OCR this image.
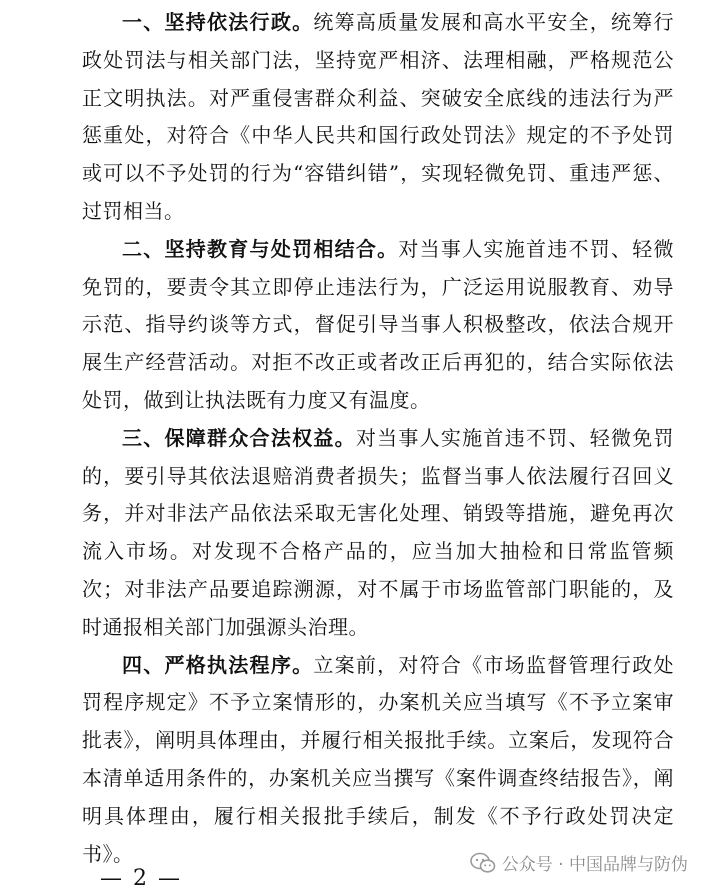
一、坚持依法行政。统筹高质量发展和高水平安全，统筹行政处罚法与相关部门法，坚持宽严相济、法理相融，严格规范公正文明执法。对严重侵害群众利益、突破安全底线的违法行为严惩重处，对符合《中华人民共和国行政处罚法》规定的不予处罚或可以不予处罚的行为“容错纠错”，实现轻微免罚、重违严惩、过罚相当。

二、坚持教育与处罚相结合。对当事人实施首违不罚、轻微免罚的，要责令其立即停止违法行为，广泛运用说服教育、劝导示范、指导约谈等方式，督促引导当事人积极整改，依法合规开展生产经营活动。对拒不改正或者改正后再犯的，结合实际依法处罚，做到让执法既有力度又有温度。

三、保障群众合法权益。对当事人实施首违不罚、轻微免罚的，要引导其依法退赔消费者损失；监督当事人依法履行召回义务，并对非法产品依法采取无害化处理、销毁等措施，避免再次流入市场。对发现不合格产品的，应当加大抽检和日常监管频次；对非法产品要追踪溯源，对不属于市场监管部门职能的，及时通报相关部门加强源头治理。

四、严格执法程序。立案前，对符合《市场监督管理行政处罚程序规定》不予立案情形的，办案机关应当填写《不予立案审批表》，阐明具体理由，并履行相关报批手续。立案后，发现符合本清单适用条件的，办案机关应当撰写《案件调查终结报告》，阐明具体理由，履行相关报批手续后，制发《不予行政处罚决定书》。	公众号 · 中国品牌与防伪
— 2 —
